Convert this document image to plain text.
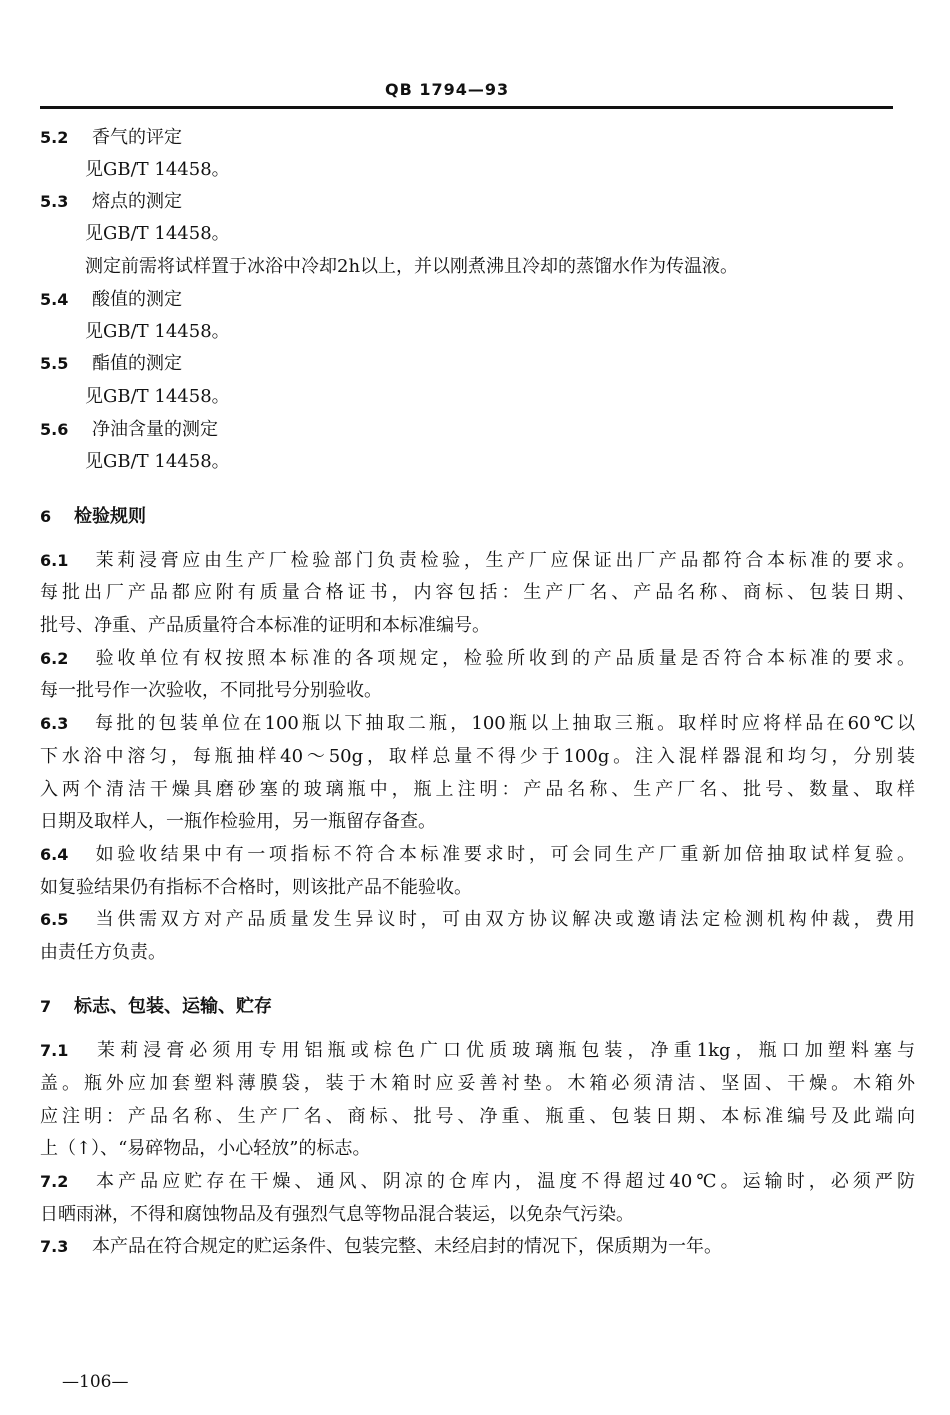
QB 1794—93
5.2 香气的评定
见GB/T 14458。
5.3 熔点的测定
见GB/T 14458。
测定前需将试样置于冰浴中冷却2h以上，并以刚煮沸且冷却的蒸馏水作为传温液。
5.4 酸值的测定
见GB/T 14458。
5.5 酯值的测定
见GB/T 14458。
5.6 净油含量的测定
见GB/T 14458。
6 检验规则
6.1 茉莉浸膏应由生产厂检验部门负责检验，生产厂应保证出厂产品都符合本标准的要求。
每批出厂产品都应附有质量合格证书，内容包括：生产厂名、产品名称、商标、包装日期、
批号、净重、产品质量符合本标准的证明和本标准编号。
6.2 验收单位有权按照本标准的各项规定，检验所收到的产品质量是否符合本标准的要求。
每一批号作一次验收，不同批号分别验收。
6.3 每批的包装单位在100瓶以下抽取二瓶，100瓶以上抽取三瓶。取样时应将样品在60℃以
下水浴中溶匀，每瓶抽样40～50g，取样总量不得少于100g。注入混样器混和均匀，分别装
入两个清洁干燥具磨砂塞的玻璃瓶中，瓶上注明：产品名称、生产厂名、批号、数量、取样
日期及取样人，一瓶作检验用，另一瓶留存备查。
6.4 如验收结果中有一项指标不符合本标准要求时，可会同生产厂重新加倍抽取试样复验。
如复验结果仍有指标不合格时，则该批产品不能验收。
6.5 当供需双方对产品质量发生异议时，可由双方协议解决或邀请法定检测机构仲裁，费用
由责任方负责。
7 标志、包装、运输、贮存
7.1 茉莉浸膏必须用专用铝瓶或棕色广口优质玻璃瓶包装，净重1kg，瓶口加塑料塞与
盖。瓶外应加套塑料薄膜袋，装于木箱时应妥善衬垫。木箱必须清洁、坚固、干燥。木箱外
应注明：产品名称、生产厂名、商标、批号、净重、瓶重、包装日期、本标准编号及此端向
上（↑）、“易碎物品，小心轻放”的标志。
7.2 本产品应贮存在干燥、通风、阴凉的仓库内，温度不得超过40℃。运输时，必须严防
日晒雨淋，不得和腐蚀物品及有强烈气息等物品混合装运，以免杂气污染。
7.3 本产品在符合规定的贮运条件、包装完整、未经启封的情况下，保质期为一年。
—106—
